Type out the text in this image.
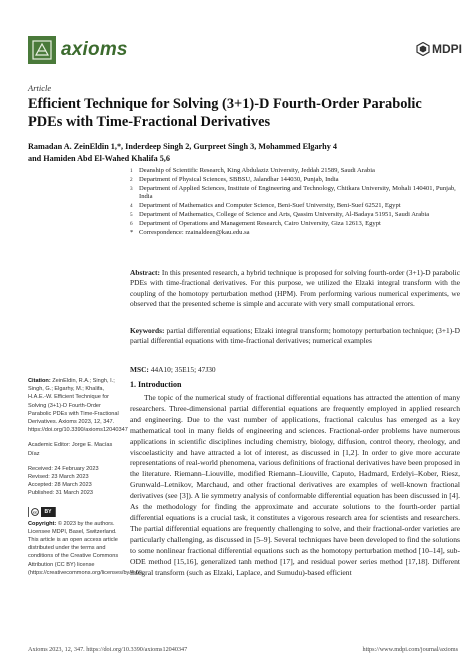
axioms	MDPI
Article
Efficient Technique for Solving (3+1)-D Fourth-Order Parabolic PDEs with Time-Fractional Derivatives
Ramadan A. ZeinEldin 1,*, Inderdeep Singh 2, Gurpreet Singh 3, Mohammed Elgarhy 4
and Hamiden Abd El-Wahed Khalifa 5,6
1 Deanship of Scientific Research, King Abdulaziz University, Jeddah 21589, Saudi Arabia
2 Department of Physical Sciences, SBBSU, Jalandhar 144030, Punjab, India
3 Department of Applied Sciences, Institute of Engineering and Technology, Chitkara University, Mohali 140401, Punjab, India
4 Department of Mathematics and Computer Science, Beni-Suef University, Beni-Suef 62521, Egypt
5 Department of Mathematics, College of Science and Arts, Qassim University, Al-Badaya 51951, Saudi Arabia
6 Department of Operations and Management Research, Cairo University, Giza 12613, Egypt
* Correspondence: rzainaldeen@kau.edu.sa
Abstract: In this presented research, a hybrid technique is proposed for solving fourth-order (3+1)-D parabolic PDEs with time-fractional derivatives. For this purpose, we utilized the Elzaki integral transform with the coupling of the homotopy perturbation method (HPM). From performing various numerical experiments, we observed that the presented scheme is simple and accurate with very small computational errors.
Keywords: partial differential equations; Elzaki integral transform; homotopy perturbation technique; (3+1)-D partial differential equations with time-fractional derivatives; numerical examples
MSC: 44A10; 35E15; 47J30
1. Introduction
The topic of the numerical study of fractional differential equations has attracted the attention of many researchers. Three-dimensional partial differential equations are frequently employed in applied research and engineering. Due to the vast number of applications, fractional calculus has emerged as a key mathematical tool in many fields of engineering and sciences. Fractional-order problems have numerous applications in scientific disciplines including chemistry, biology, diffusion, control theory, rheology, and viscoelasticity and have attracted a lot of interest, as discussed in [1,2]. In order to give more accurate representations of real-world phenomena, various definitions of fractional derivatives have been proposed in the literature. Riemann–Liouville, modified Riemann–Liouville, Caputo, Hadmard, Erdelyi–Kober, Riesz, Grunwald–Letnikov, Marchaud, and other fractional derivatives are examples of well-known fractional derivatives (see [3]). A lie symmetry analysis of conformable differential equation has been discussed in [4]. As the methodology for finding the approximate and accurate solutions to the fourth-order partial differential equations is a crucial task, it constitutes a vigorous research area for scientists and researchers. The partial differential equations are frequently challenging to solve, and their fractional-order varieties are particularly challenging, as discussed in [5–9]. Several techniques have been developed to find the solutions to some nonlinear fractional differential equations such as the homotopy perturbation method [10–14], sub-ODE method [15,16], generalized tanh method [17], and residual power series method [17,18]. Different integral transform (such as Elzaki, Laplace, and Sumudu)-based efficient
Citation: ZeinEldin, R.A.; Singh, I.; Singh, G.; Elgarhy, M.; Khalifa, H.A.E.-W. Efficient Technique for Solving (3+1)-D Fourth-Order Parabolic PDEs with Time-Fractional Derivatives. Axioms 2023, 12, 347. https://doi.org/10.3390/axioms12040347
Academic Editor: Jorge E. Macías Díaz
Received: 24 February 2023
Revised: 23 March 2023
Accepted: 28 March 2023
Published: 31 March 2023
cc	BY
Copyright: © 2023 by the authors. Licensee MDPI, Basel, Switzerland. This article is an open access article distributed under the terms and conditions of the Creative Commons Attribution (CC BY) license (https://creativecommons.org/licenses/by/4.0/).
Axioms 2023, 12, 347. https://doi.org/10.3390/axioms12040347	https://www.mdpi.com/journal/axioms
